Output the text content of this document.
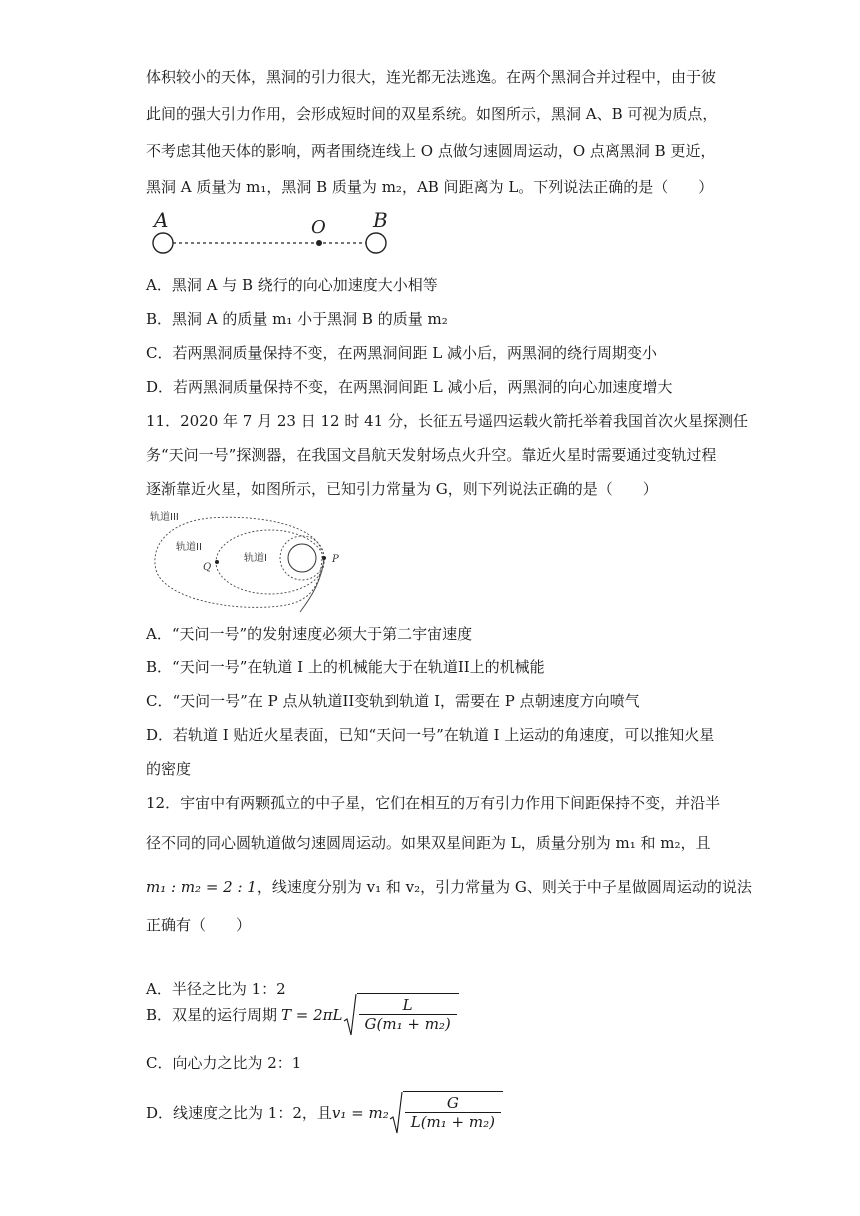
体积较小的天体，黑洞的引力很大，连光都无法逃逸。在两个黑洞合并过程中，由于彼
此间的强大引力作用，会形成短时间的双星系统。如图所示，黑洞 A、B 可视为质点，
不考虑其他天体的影响，两者围绕连线上 O 点做匀速圆周运动，O 点离黑洞 B 更近，
黑洞 A 质量为 m₁，黑洞 B 质量为 m₂，AB 间距离为 L。下列说法正确的是（　　）
A	O B
A．黑洞 A 与 B 绕行的向心加速度大小相等
B．黑洞 A 的质量 m₁ 小于黑洞 B 的质量 m₂
C．若两黑洞质量保持不变，在两黑洞间距 L 减小后，两黑洞的绕行周期变小
D．若两黑洞质量保持不变，在两黑洞间距 L 减小后，两黑洞的向心加速度增大
11．2020 年 7 月 23 日 12 时 41 分，长征五号遥四运载火箭托举着我国首次火星探测任
务“天问一号”探测器，在我国文昌航天发射场点火升空。靠近火星时需要通过变轨过程
逐渐靠近火星，如图所示，已知引力常量为 G，则下列说法正确的是（　　）
轨道III
轨道II
轨道I
Q
P
A．“天问一号”的发射速度必须大于第二宇宙速度
B．“天问一号”在轨道 I 上的机械能大于在轨道II上的机械能
C．“天问一号”在 P 点从轨道II变轨到轨道 I，需要在 P 点朝速度方向喷气
D．若轨道 I 贴近火星表面，已知“天问一号”在轨道 I 上运动的角速度，可以推知火星
的密度
12．宇宙中有两颗孤立的中子星，它们在相互的万有引力作用下间距保持不变，并沿半
径不同的同心圆轨道做匀速圆周运动。如果双星间距为 L，质量分别为 m₁ 和 m₂，且
m₁ : m₂ = 2 : 1，线速度分别为 v₁ 和 v₂，引力常量为 G、则关于中子星做圆周运动的说法
正确有（　　）
A．半径之比为 1：2
B．双星的运行周期 $T = 2\pi L \frac{L}{\text{G(m₁ + m₂)}}$
C．向心力之比为 2：1
D．线速度之比为 1：2，且 $v_1 = m_2 \frac{G}{\text{L(m₁ + m₂)}}$
